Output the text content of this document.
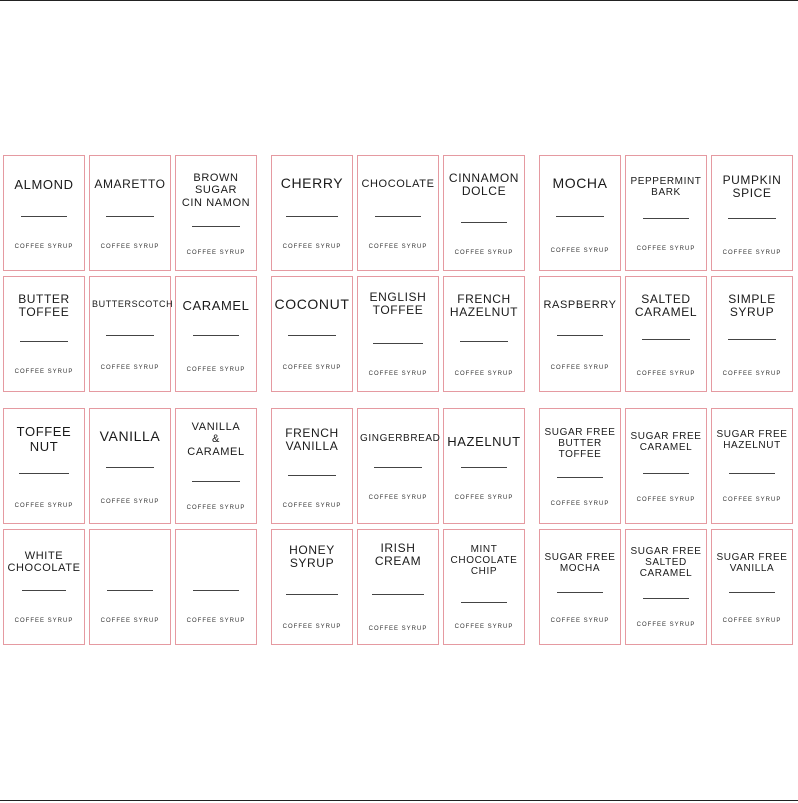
ALMOND
COFFEE SYRUP
AMARETTO
COFFEE SYRUP
BROWN
SUGAR
CIN NAMON
COFFEE SYRUP
CHERRY
COFFEE SYRUP
CHOCOLATE
COFFEE SYRUP
CINNAMON
DOLCE
COFFEE SYRUP
MOCHA
COFFEE SYRUP
PEPPERMINT
BARK
COFFEE SYRUP
PUMPKIN
SPICE
COFFEE SYRUP
BUTTER
TOFFEE
COFFEE SYRUP
BUTTERSCOTCH
COFFEE SYRUP
CARAMEL
COFFEE SYRUP
COCONUT
COFFEE SYRUP
ENGLISH
TOFFEE
COFFEE SYRUP
FRENCH
HAZELNUT
COFFEE SYRUP
RASPBERRY
COFFEE SYRUP
SALTED
CARAMEL
COFFEE SYRUP
SIMPLE
SYRUP
COFFEE SYRUP
TOFFEE
NUT
COFFEE SYRUP
VANILLA
COFFEE SYRUP
VANILLA
&
CARAMEL
COFFEE SYRUP
FRENCH
VANILLA
COFFEE SYRUP
GINGERBREAD
COFFEE SYRUP
HAZELNUT
COFFEE SYRUP
SUGAR FREE
BUTTER
TOFFEE
COFFEE SYRUP
SUGAR FREE
CARAMEL
COFFEE SYRUP
SUGAR FREE
HAZELNUT
COFFEE SYRUP
WHITE
CHOCOLATE
COFFEE SYRUP	COFFEE SYRUP	COFFEE SYRUP
HONEY
SYRUP
COFFEE SYRUP
IRISH
CREAM
COFFEE SYRUP
MINT
CHOCOLATE
CHIP
COFFEE SYRUP
SUGAR FREE
MOCHA
COFFEE SYRUP
SUGAR FREE
SALTED
CARAMEL
COFFEE SYRUP
SUGAR FREE
VANILLA
COFFEE SYRUP
